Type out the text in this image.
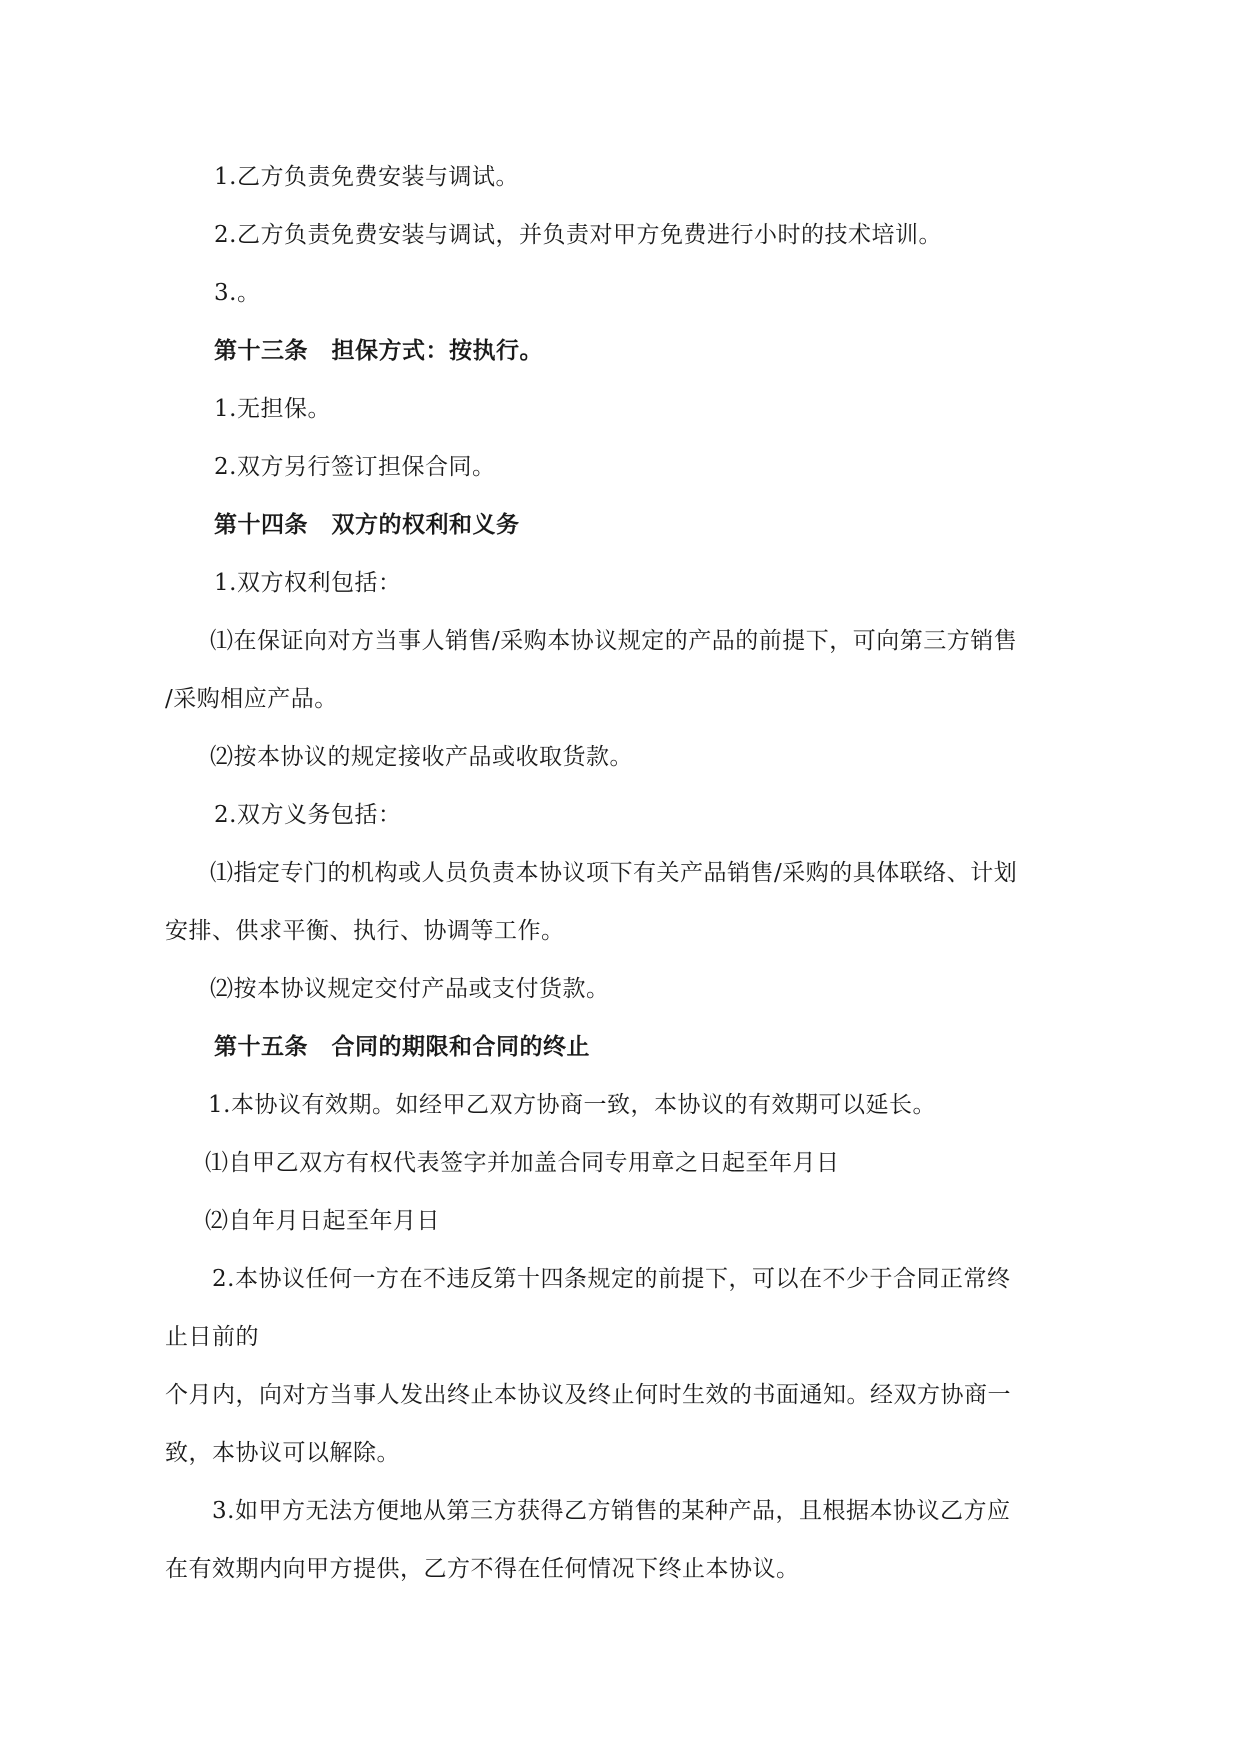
1.乙方负责免费安装与调试。
2.乙方负责免费安装与调试，并负责对甲方免费进行小时的技术培训。
3.。
第十三条　担保方式：按执行。
1.无担保。
2.双方另行签订担保合同。
第十四条　双方的权利和义务
1.双方权利包括：
⑴在保证向对方当事人销售/采购本协议规定的产品的前提下，可向第三方销售
/采购相应产品。
⑵按本协议的规定接收产品或收取货款。
2.双方义务包括：
⑴指定专门的机构或人员负责本协议项下有关产品销售/采购的具体联络、计划
安排、供求平衡、执行、协调等工作。
⑵按本协议规定交付产品或支付货款。
第十五条　合同的期限和合同的终止
1.本协议有效期。如经甲乙双方协商一致，本协议的有效期可以延长。
⑴自甲乙双方有权代表签字并加盖合同专用章之日起至年月日
⑵自年月日起至年月日
2.本协议任何一方在不违反第十四条规定的前提下，可以在不少于合同正常终
止日前的
个月内，向对方当事人发出终止本协议及终止何时生效的书面通知。经双方协商一
致，本协议可以解除。
3.如甲方无法方便地从第三方获得乙方销售的某种产品，且根据本协议乙方应
在有效期内向甲方提供，乙方不得在任何情况下终止本协议。
